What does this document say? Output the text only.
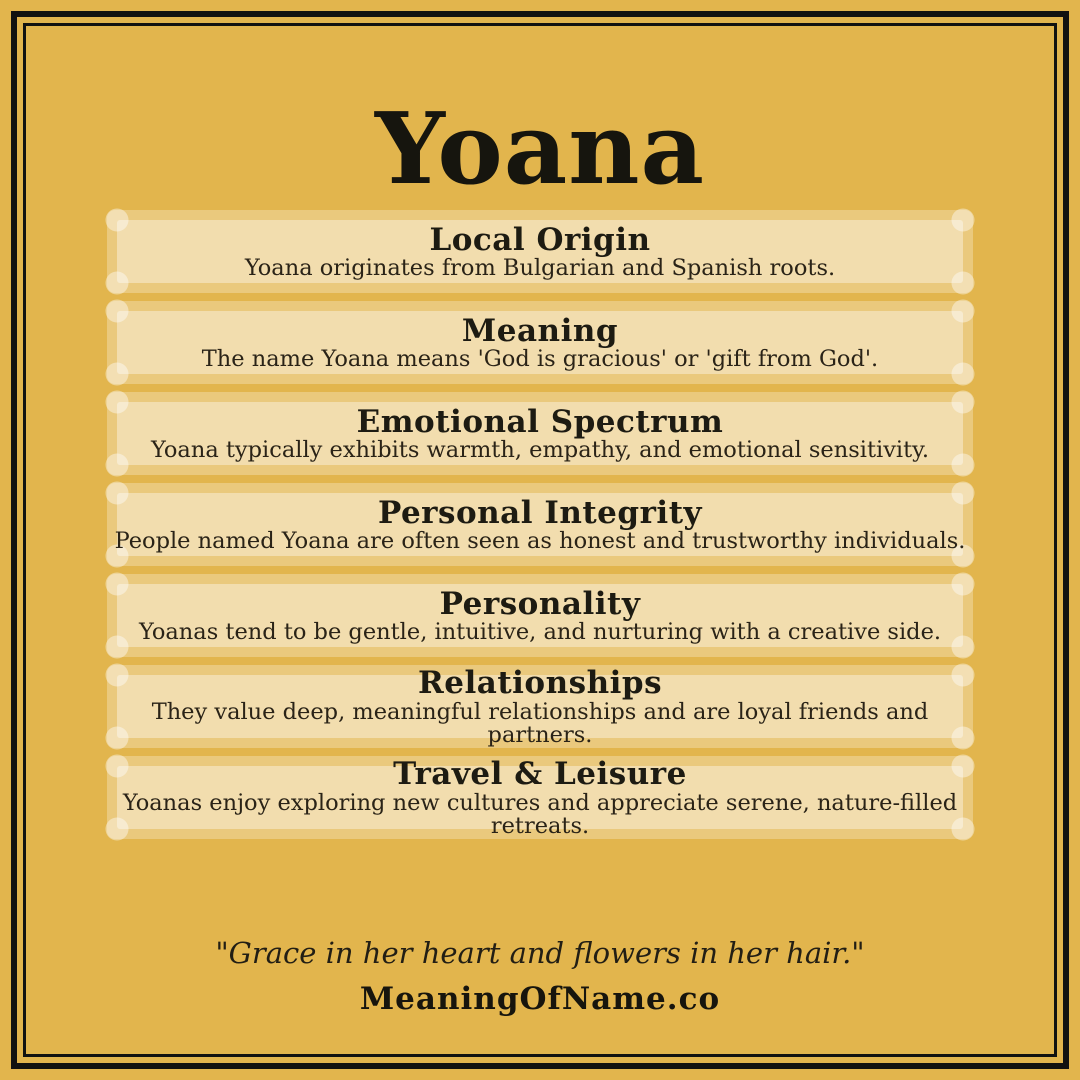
Yoana
Local Origin
Yoana originates from Bulgarian and Spanish roots.
Meaning
The name Yoana means 'God is gracious' or 'gift from God'.
Emotional Spectrum
Yoana typically exhibits warmth, empathy, and emotional sensitivity.
Personal Integrity
People named Yoana are often seen as honest and trustworthy individuals.
Personality
Yoanas tend to be gentle, intuitive, and nurturing with a creative side.
Relationships
They value deep, meaningful relationships and are loyal friends and partners.
Travel & Leisure
Yoanas enjoy exploring new cultures and appreciate serene, nature-filled retreats.
"Grace in her heart and flowers in her hair."
MeaningOfName.co
